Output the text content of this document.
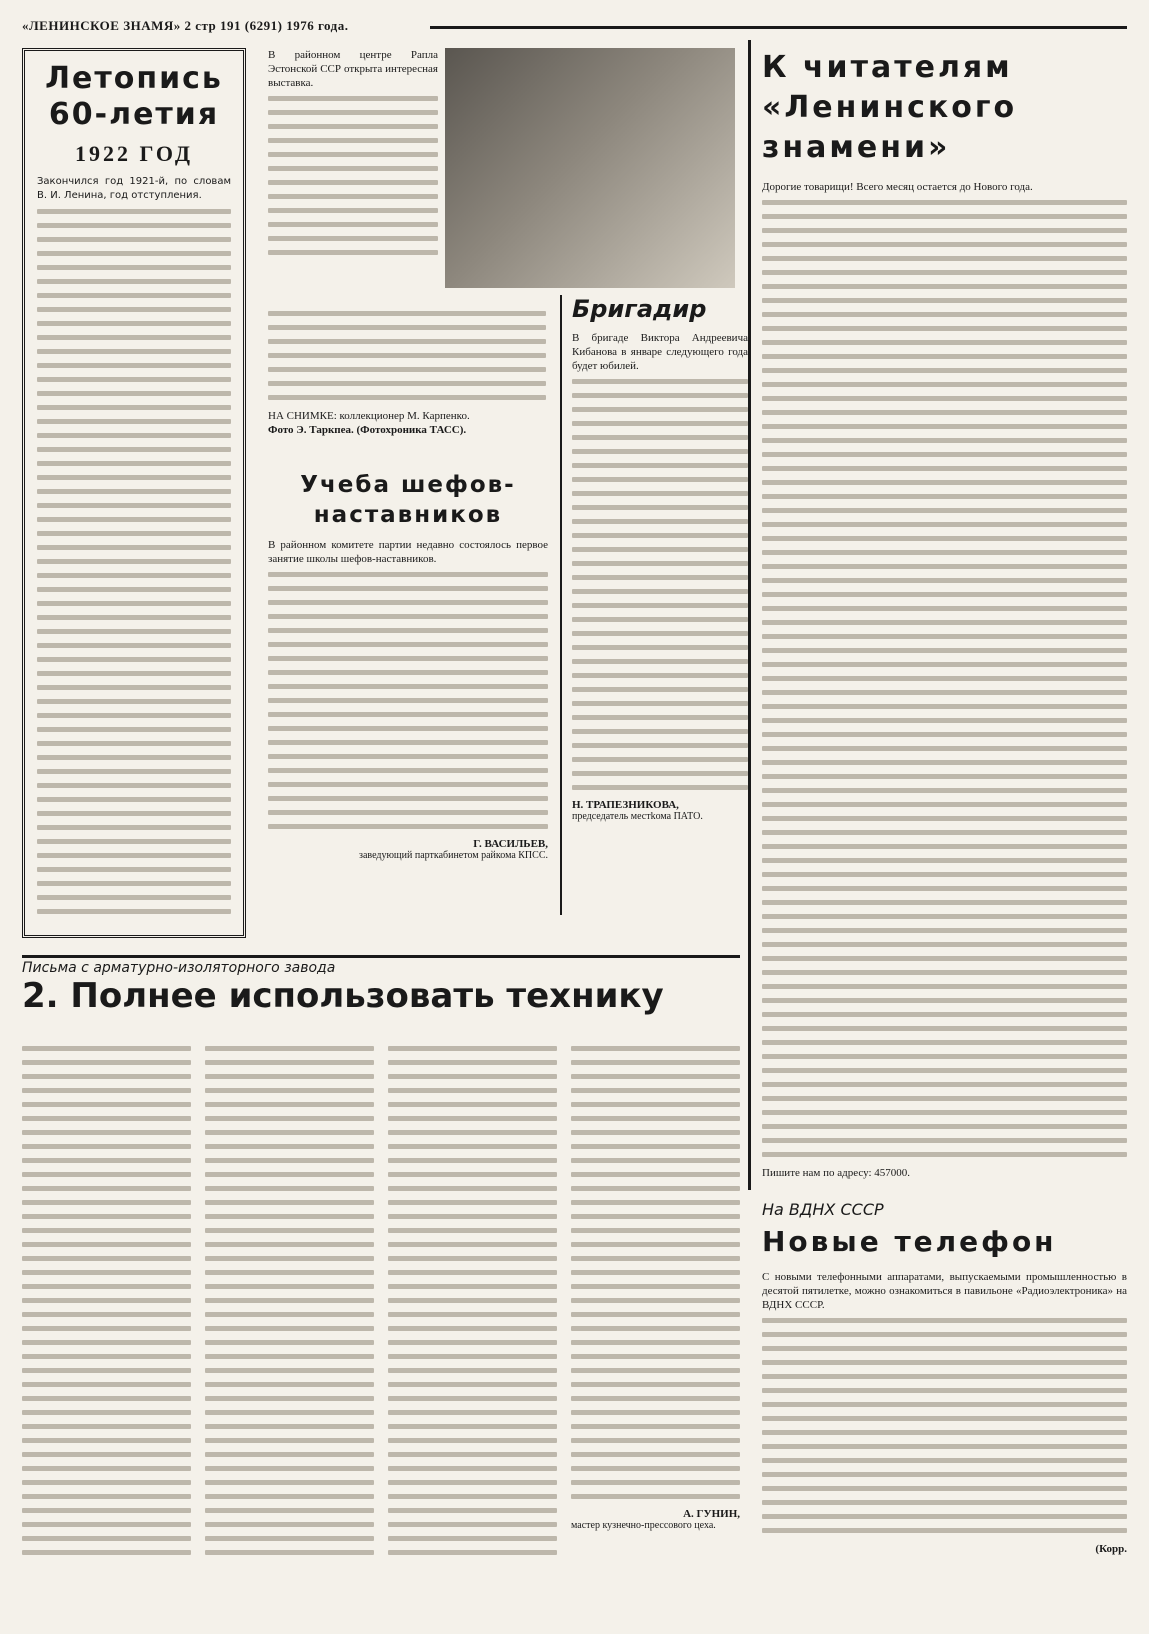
«ЛЕНИНСКОЕ ЗНАМЯ» 2 стр 191 (6291) 1976 года.
Летопись 60-летия
1922 ГОД

Закончился год 1921-й, по словам В. И. Ленина, год отступления.

В районном центре Рапла Эстонской ССР открыта интересная выставка.

НА СНИМКЕ: коллекционер М. Карпенко.

Фото Э. Таркпеа. (Фотохроника ТАСС).

Бригадир

В бригаде Виктора Андреевича Кибанова в январе следующего года будет юбилей.

Н. ТРАПЕЗНИКОВА,

председатель местkома ПАТО.

Учеба шефов-наставников

В районном комитете партии недавно состоялось первое занятие школы шефов-наставников.

Г. ВАСИЛЬЕВ,

заведующий парткабинетом райкома КПСС.

К читателям «Ленинского знамени»

Дорогие товарищи! Всего месяц остается до Нового года.

Пишите нам по адресу: 457000.

Письма с арматурно-изоляторного завода

2. Полнее использовать технику

А. ГУНИН,

мастер кузнечно-прессового цеха.

На ВДНХ СССР

Новые телефон

С новыми телефонными аппаратами, выпускаемыми промышленностью в десятой пятилетке, можно ознакомиться в павильоне «Радиоэлектроника» на ВДНХ СССР.

(Корр.
